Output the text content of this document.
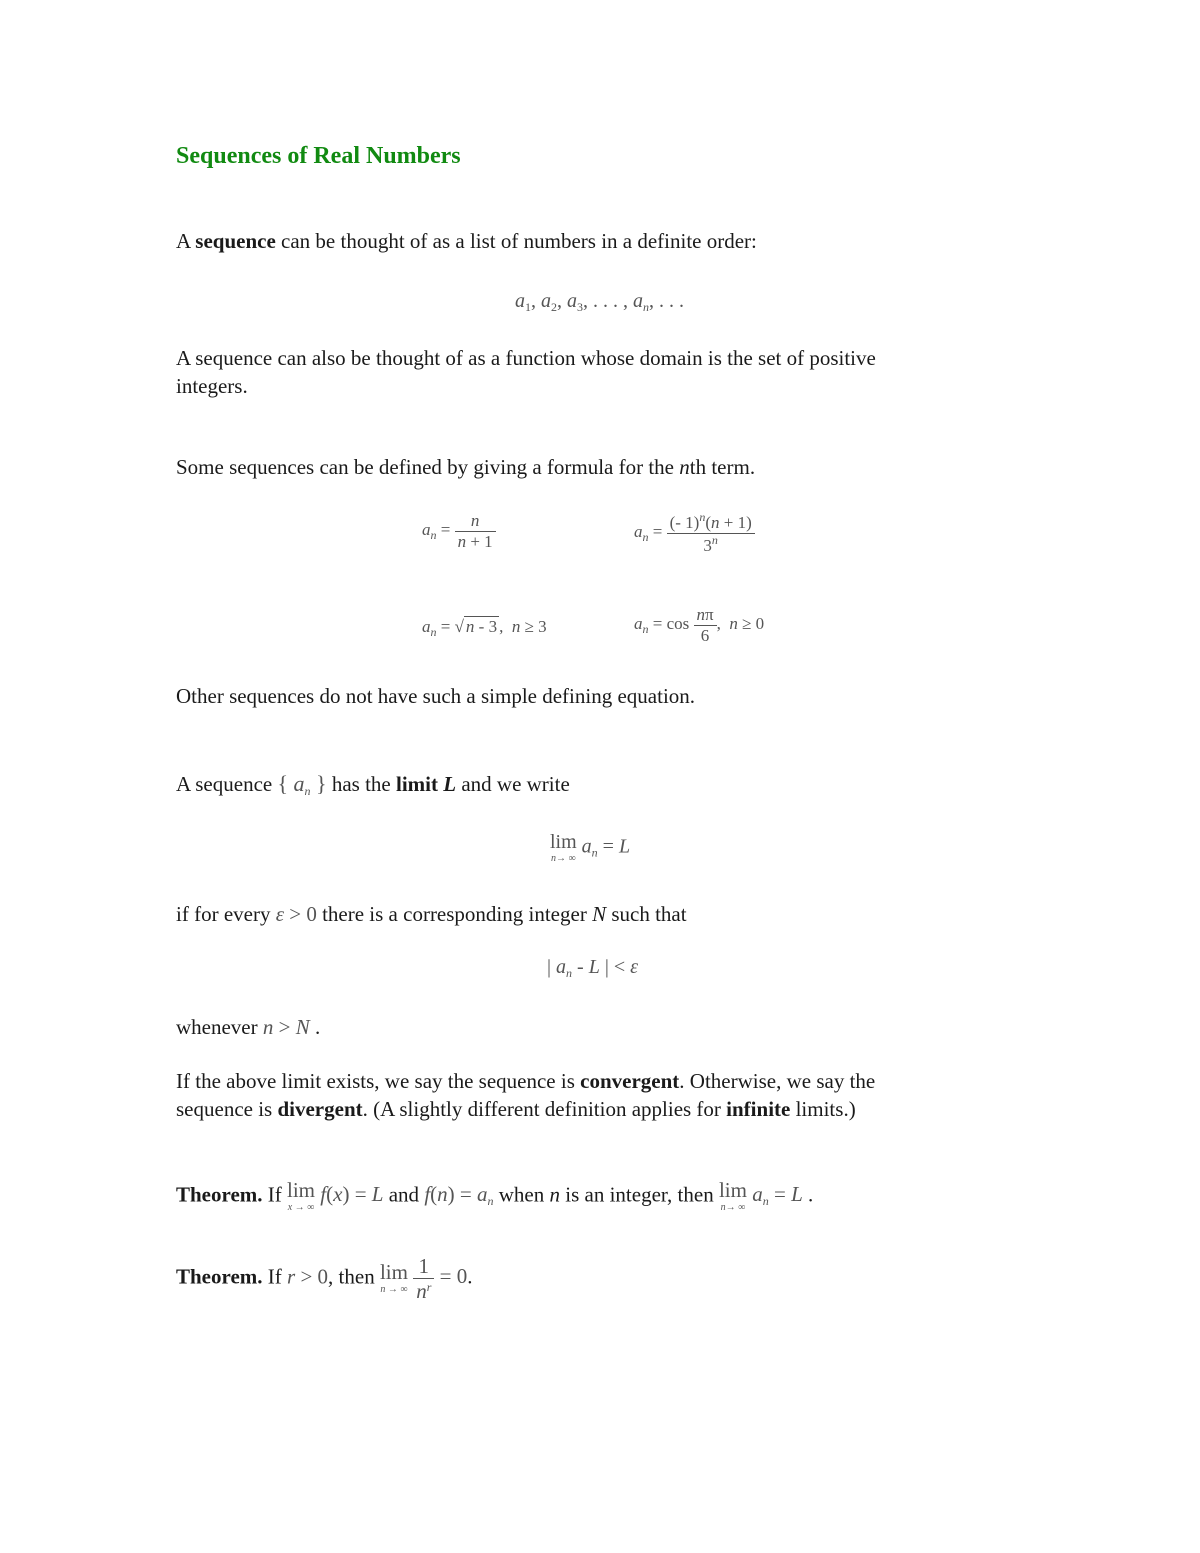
Sequences of Real Numbers
A sequence can be thought of as a list of numbers in a definite order:
$a_1$, $a_2$, $a_3$, . . . , $a_n$, . . .
A sequence can also be thought of as a function whose domain is the set of positive
integers.
Some sequences can be defined by giving a formula for the nth term.
$a_n = \frac{n}{n + 1}$	$a_n = \frac{(- 1)^n(n + 1)}{3^n}$
$a_n$ = √ n - 3 ,  n ≥ 3	$a_n = \cos \frac{n\pi}{6}$ ,  n ≥ 0
Other sequences do not have such a simple defining equation.
A sequence { an } has the limit L and we write
lim
n→ ∞
$a_n = L$
if for every ε > 0 there is a corresponding integer N such that
| $a_n$ - L | < ε
whenever n > N .
If the above limit exists, we say the sequence is convergent. Otherwise, we say the
sequence is divergent. (A slightly different definition applies for infinite limits.)
Theorem. If lim
x → ∞
f(x) = L and f(n) = an when n is an integer, then lim
n→ ∞
an = L .
Theorem. If r > 0, then lim
n → ∞
$\frac{1}{n^r} = 0$.
